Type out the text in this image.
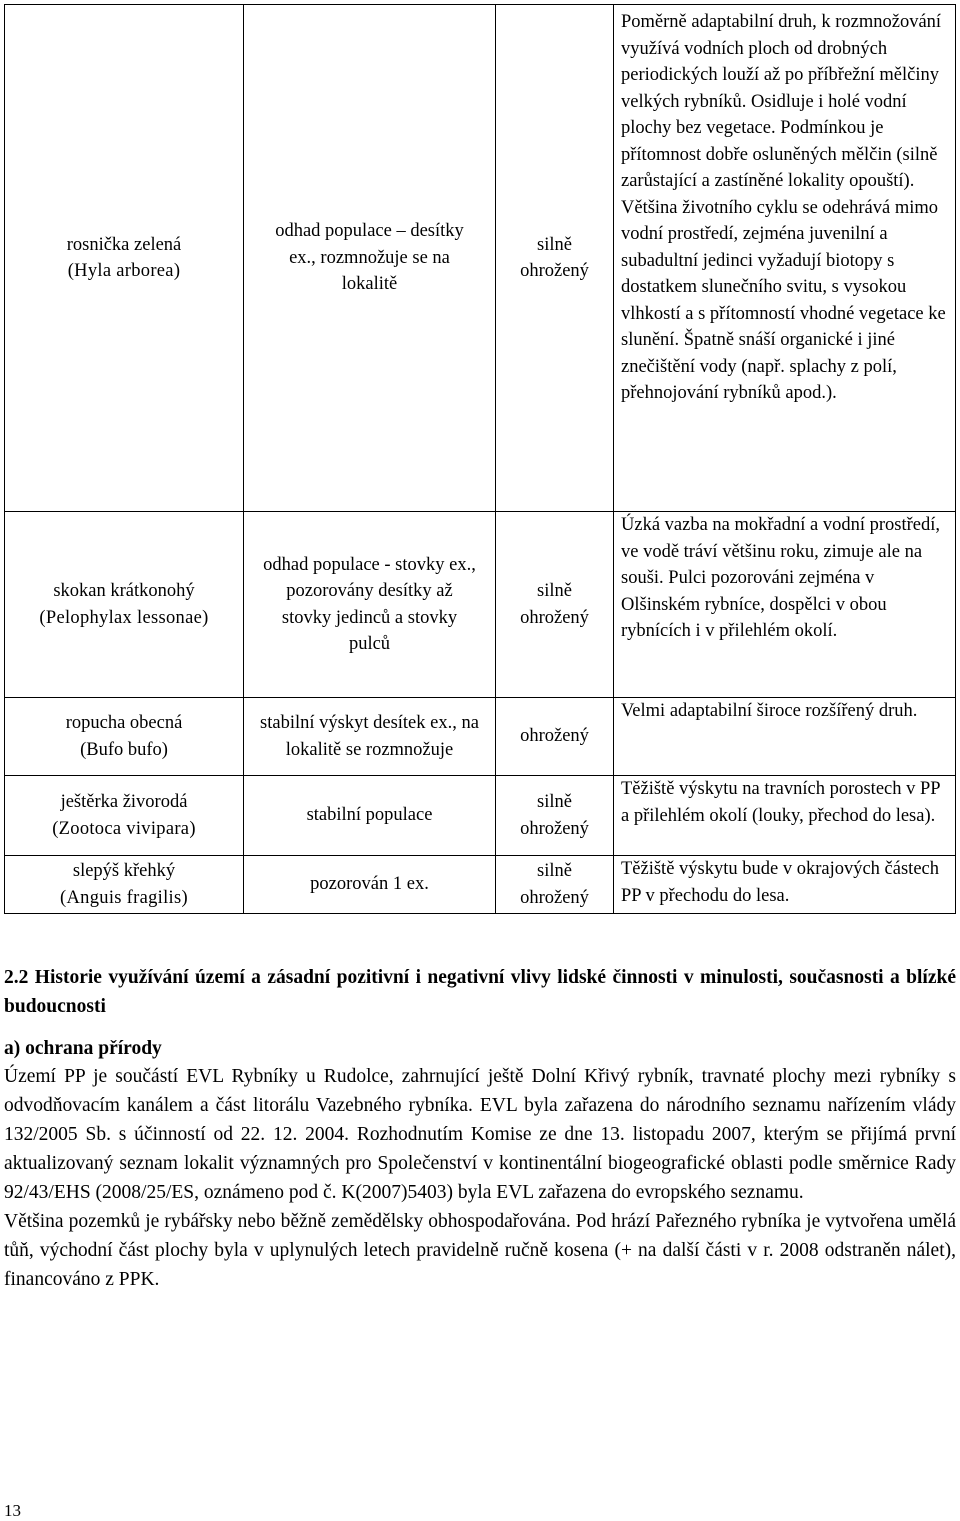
rosnička zelená
(Hyla arborea)	odhad populace – desítky ex., rozmnožuje se na lokalitě	silně ohrožený	Poměrně adaptabilní druh, k rozmnožování využívá vodních ploch od drobných periodických louží až po příbřežní mělčiny velkých rybníků. Osidluje i holé vodní plochy bez vegetace. Podmínkou je přítomnost dobře osluněných mělčin (silně zarůstající a zastíněné lokality opouští). Většina životního cyklu se odehrává mimo vodní prostředí, zejména juvenilní a subadultní jedinci vyžadují biotopy s dostatkem slunečního svitu, s vysokou vlhkostí a s přítomností vhodné vegetace ke slunění. Špatně snáší organické i jiné znečištění vody (např. splachy z polí, přehnojování rybníků apod.).

skokan krátkonohý
(Pelophylax lessonae)	odhad populace - stovky ex., pozorovány desítky až stovky jedinců a stovky pulců	silně ohrožený	Úzká vazba na mokřadní a vodní prostředí, ve vodě tráví většinu roku, zimuje ale na souši. Pulci pozorováni zejména v Olšinském rybníce, dospělci v obou rybnících i v přilehlém okolí.

ropucha obecná
(Bufo bufo)	stabilní výskyt desítek ex., na lokalitě se rozmnožuje	ohrožený	Velmi adaptabilní široce rozšířený druh.

ještěrka živorodá
(Zootoca vivipara)	stabilní populace	silně ohrožený	Těžiště výskytu na travních porostech v PP a přilehlém okolí (louky, přechod do lesa).

slepýš křehký
(Anguis fragilis)	pozorován 1 ex.	silně ohrožený	Těžiště výskytu bude v okrajových částech PP v přechodu do lesa.
2.2 Historie využívání území a zásadní pozitivní i negativní vlivy lidské činnosti v minulosti, současnosti a blízké budoucnosti
a) ochrana přírody

Území PP je součástí EVL Rybníky u Rudolce, zahrnující ještě Dolní Křivý rybník, travnaté plochy mezi rybníky s odvodňovacím kanálem a část litorálu Vazebného rybníka. EVL byla zařazena do národního seznamu nařízením vlády 132/2005 Sb. s účinností od 22. 12. 2004. Rozhodnutím Komise ze dne 13. listopadu 2007, kterým se přijímá první aktualizovaný seznam lokalit významných pro Společenství v kontinentální biogeografické oblasti podle směrnice Rady 92/43/EHS (2008/25/ES, oznámeno pod č. K(2007)5403) byla EVL zařazena do evropského seznamu.

Většina pozemků je rybářsky nebo běžně zemědělsky obhospodařována. Pod hrází Pařezného rybníka je vytvořena umělá tůň, východní část plochy byla v uplynulých letech pravidelně ručně kosena (+ na další části v r. 2008 odstraněn nálet), financováno z PPK.

13
